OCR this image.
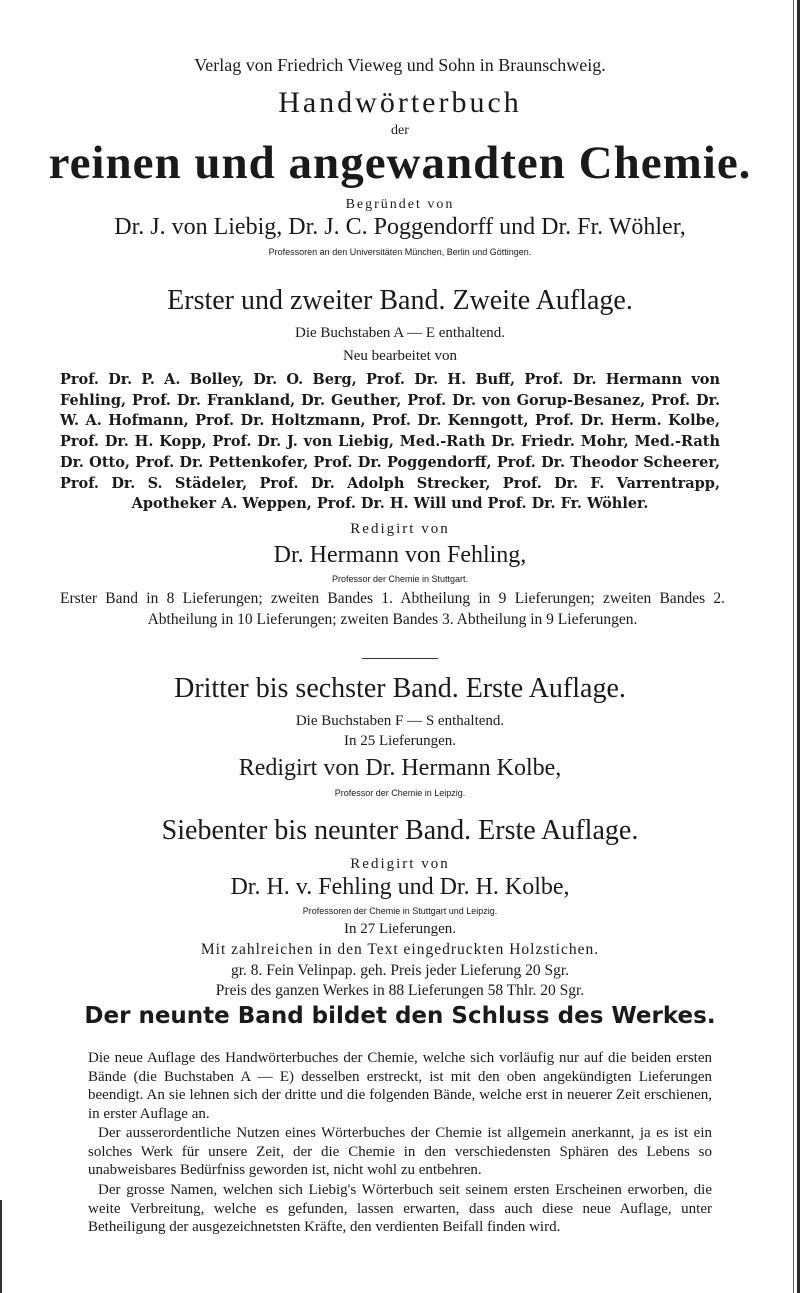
Verlag von Friedrich Vieweg und Sohn in Braunschweig.
Handwörterbuch
der
reinen und angewandten Chemie.
Begründet von
Dr. J. von Liebig, Dr. J. C. Poggendorff und Dr. Fr. Wöhler,
Professoren an den Universitäten München, Berlin und Göttingen.
Erster und zweiter Band. Zweite Auflage.
Die Buchstaben A — E enthaltend.
Neu bearbeitet von
Prof. Dr. P. A. Bolley, Dr. O. Berg, Prof. Dr. H. Buff, Prof. Dr. Hermann von Fehling, Prof. Dr. Frankland, Dr. Geuther, Prof. Dr. von Gorup-Besanez, Prof. Dr. W. A. Hofmann, Prof. Dr. Holtzmann, Prof. Dr. Kenngott, Prof. Dr. Herm. Kolbe, Prof. Dr. H. Kopp, Prof. Dr. J. von Liebig, Med.-Rath Dr. Friedr. Mohr, Med.-Rath Dr. Otto, Prof. Dr. Pettenkofer, Prof. Dr. Poggendorff, Prof. Dr. Theodor Scheerer, Prof. Dr. S. Städeler, Prof. Dr. Adolph Strecker, Prof. Dr. F. Varrentrapp, Apotheker A. Weppen, Prof. Dr. H. Will und Prof. Dr. Fr. Wöhler.
Redigirt von
Dr. Hermann von Fehling,
Professor der Chemie in Stuttgart.
Erster Band in 8 Lieferungen; zweiten Bandes 1. Abtheilung in 9 Lieferungen; zweiten Bandes 2. Abtheilung in 10 Lieferungen; zweiten Bandes 3. Abtheilung in 9 Lieferungen.
Dritter bis sechster Band. Erste Auflage.
Die Buchstaben F — S enthaltend.
In 25 Lieferungen.
Redigirt von Dr. Hermann Kolbe,
Professor der Chemie in Leipzig.
Siebenter bis neunter Band. Erste Auflage.
Redigirt von
Dr. H. v. Fehling und Dr. H. Kolbe,
Professoren der Chemie in Stuttgart und Leipzig.
In 27 Lieferungen.
Mit zahlreichen in den Text eingedruckten Holzstichen.
gr. 8. Fein Velinpap. geh. Preis jeder Lieferung 20 Sgr.
Preis des ganzen Werkes in 88 Lieferungen 58 Thlr. 20 Sgr.
Der neunte Band bildet den Schluss des Werkes.

Die neue Auflage des Handwörterbuches der Chemie, welche sich vorläufig nur auf die beiden ersten Bände (die Buchstaben A — E) desselben erstreckt, ist mit den oben angekündigten Lieferungen beendigt. An sie lehnen sich der dritte und die folgenden Bände, welche erst in neuerer Zeit erschienen, in erster Auflage an.

Der ausserordentliche Nutzen eines Wörterbuches der Chemie ist allgemein anerkannt, ja es ist ein solches Werk für unsere Zeit, der die Chemie in den verschiedensten Sphären des Lebens so unabweisbares Bedürfniss geworden ist, nicht wohl zu entbehren.

Der grosse Namen, welchen sich Liebig's Wörterbuch seit seinem ersten Erscheinen erworben, die weite Verbreitung, welche es gefunden, lassen erwarten, dass auch diese neue Auflage, unter Betheiligung der ausgezeichnetsten Kräfte, den verdienten Beifall finden wird.
